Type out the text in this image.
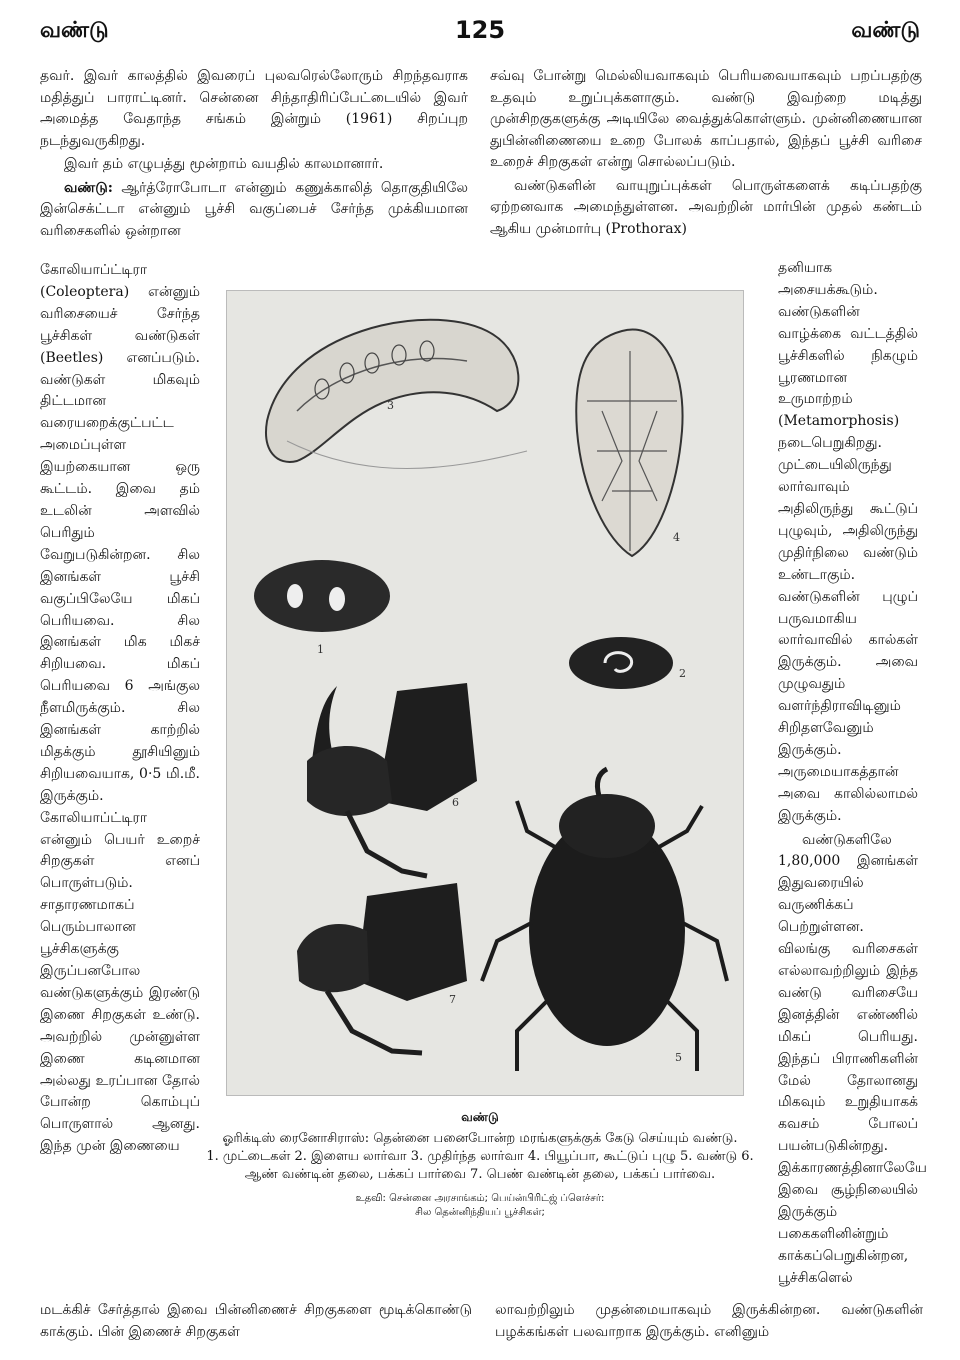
வண்டு	125	வண்டு

தவர். இவர் காலத்தில் இவரைப் புலவரெல்லோரும் சிறந்தவராக மதித்துப் பாராட்டினர். சென்னை சிந்தாதிரிப்பேட்டையில் இவர் அமைத்த வேதாந்த சங்கம் இன்றும் (1961) சிறப்புற நடந்துவருகிறது.

இவர் தம் எழுபத்து மூன்றாம் வயதில் காலமானார்.

வண்டு: ஆர்த்ரோபோடா என்னும் கணுக்காலித் தொகுதியிலே இன்செக்ட்டா என்னும் பூச்சி வகுப்பைச் சேர்ந்த முக்கியமான வரிசைகளில் ஒன்றான

சவ்வு போன்று மெல்லியவாகவும் பெரியவையாகவும் பறப்பதற்கு உதவும் உறுப்புக்களாகும். வண்டு இவற்றை மடித்து முன்சிறகுகளுக்கு அடியிலே வைத்துக்கொள்ளும். முன்னிணையான துபின்னிணையை உறை போலக் காப்பதால், இந்தப் பூச்சி வரிசை உறைச் சிறகுகள் என்று சொல்லப்படும்.

வண்டுகளின் வாயுறுப்புக்கள் பொருள்களைக் கடிப்பதற்கு ஏற்றனவாக அமைந்துள்ளன. அவற்றின் மார்பின் முதல் கண்டம் ஆகிய முன்மார்பு (Prothorax)

கோலியாப்ட்டிரா (Coleoptera) என்னும் வரிசையைச் சேர்ந்த பூச்சிகள் வண்டுகள் (Beetles) எனப்படும். வண்டுகள் மிகவும் திட்டமான வரையறைக்குட்பட்ட அமைப்புள்ள இயற்கையான ஒரு கூட்டம். இவை தம் உடலின் அளவில் பெரிதும் வேறுபடுகின்றன. சில இனங்கள் பூச்சி வகுப்பிலேயே மிகப் பெரியவை. சில இனங்கள் மிக மிகச் சிறியவை. மிகப் பெரியவை 6 அங்குல நீளமிருக்கும். சில இனங்கள் காற்றில் மிதக்கும் தூசியினும் சிறியவையாக, 0·5 மி.மீ. இருக்கும். கோலியாப்ட்டிரா என்னும் பெயர் உறைச் சிறகுகள் எனப் பொருள்படும். சாதாரணமாகப் பெரும்பாலான பூச்சிகளுக்கு இருப்பனபோல வண்டுகளுக்கும் இரண்டு இணை சிறகுகள் உண்டு. அவற்றில் முன்னுள்ள இணை கடினமான அல்லது உரப்பான தோல் போன்ற கொம்புப் பொருளால் ஆனது. இந்த முன் இணையை

தனியாக அசையக்கூடும். வண்டுகளின் வாழ்க்கை வட்டத்தில் பூச்சிகளில் நிகழும் பூரணமான உருமாற்றம் (Metamorphosis) நடைபெறுகிறது. முட்டையிலிருந்து லார்வாவும் அதிலிருந்து கூட்டுப் புழுவும், அதிலிருந்து முதிர்நிலை வண்டும் உண்டாகும். வண்டுகளின் புழுப் பருவமாகிய லார்வாவில் கால்கள் இருக்கும். அவை முழுவதும் வளர்ந்திராவிடினும் சிறிதளவேனும் இருக்கும். அருமையாகத்தான் அவை காலில்லாமல் இருக்கும்.

வண்டுகளிலே 1,80,000 இனங்கள் இதுவரையில் வருணிக்கப் பெற்றுள்ளன. விலங்கு வரிசைகள் எல்லாவற்றிலும் இந்த வண்டு வரிசையே இனத்தின் எண்ணில் மிகப் பெரியது. இந்தப் பிராணிகளின் மேல் தோலானது மிகவும் உறுதியாகக் கவசம் போலப் பயன்படுகின்றது. இக்காரணத்தினாலேயே இவை சூழ்நிலையில் இருக்கும் பகைகளினின்றும் காக்கப்பெறுகின்றன, பூச்சிகளெல்

3
4
1
2
6
7
5
வண்டு
ஓரிக்டிஸ் ரைனோசிராஸ்: தென்னை பனைபோன்ற மரங்களுக்குக் கேடு செய்யும் வண்டு.
1. முட்டைகள் 2. இளைய லார்வா 3. முதிர்ந்த லார்வா 4. பியூப்பா, கூட்டுப் புழு 5. வண்டு 6. ஆண் வண்டின் தலை, பக்கப் பார்வை 7. பெண் வண்டின் தலை, பக்கப் பார்வை.
உதவி: சென்னை அரசாங்கம்; பெய்ன்பிரிட்ஜ் ப்ளெச்சர்:
சில தென்னிந்தியப் பூச்சிகள்;
மடக்கிச் சேர்த்தால் இவை பின்னிணைச் சிறகுகளை மூடிக்கொண்டு காக்கும். பின் இணைச் சிறகுகள்
லாவற்றிலும் முதன்மையாகவும் இருக்கின்றன. வண்டுகளின் பழக்கங்கள் பலவாறாக இருக்கும். எனினும்
